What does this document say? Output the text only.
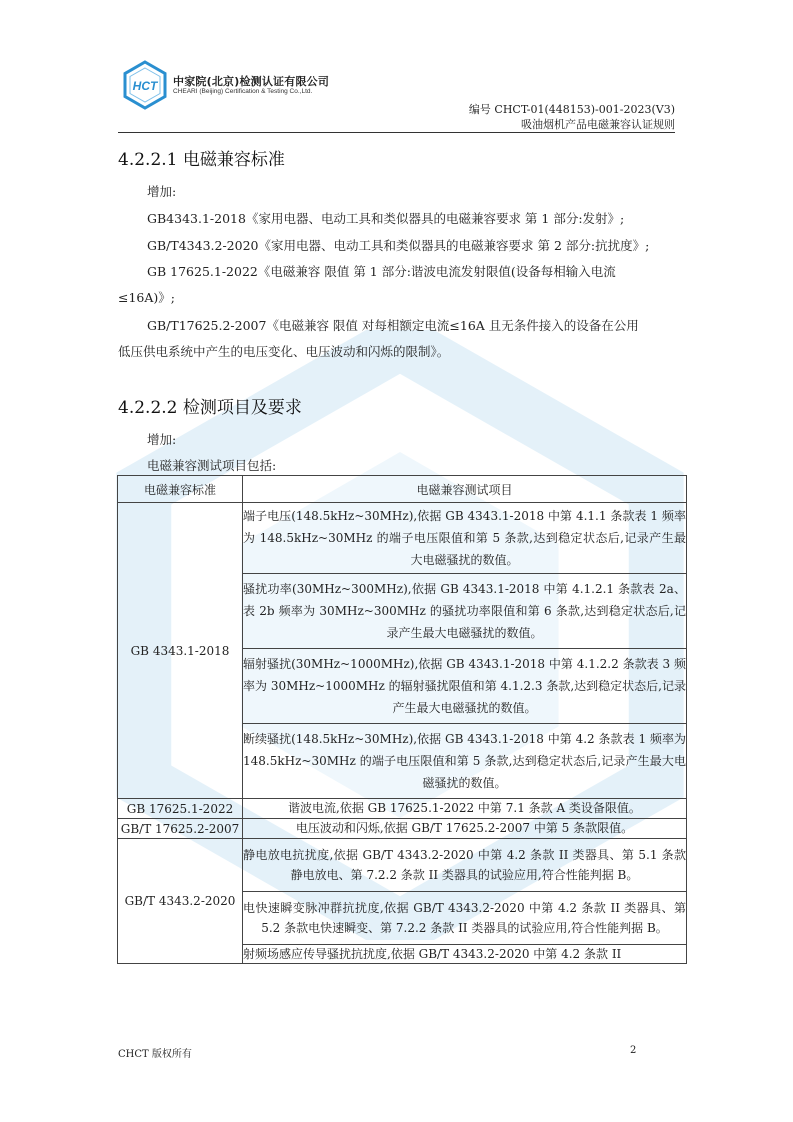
HCT 中家院(北京)检测认证有限公司
CHEARI (Beijing) Certification & Testing Co.,Ltd.
编号 CHCT-01(448153)-001-2023(V3)
吸油烟机产品电磁兼容认证规则
4.2.2.1 电磁兼容标准
增加:
GB4343.1-2018《家用电器、电动工具和类似器具的电磁兼容要求 第 1 部分:发射》;
GB/T4343.2-2020《家用电器、电动工具和类似器具的电磁兼容要求 第 2 部分:抗扰度》;
GB 17625.1-2022《电磁兼容 限值 第 1 部分:谐波电流发射限值(设备每相输入电流
≤16A)》;
GB/T17625.2-2007《电磁兼容 限值 对每相额定电流≤16A 且无条件接入的设备在公用
低压供电系统中产生的电压变化、电压波动和闪烁的限制》。
4.2.2.2 检测项目及要求
增加:
电磁兼容测试项目包括:
电磁兼容标准	电磁兼容测试项目
GB 4343.1-2018	端子电压(148.5kHz~30MHz),依据 GB 4343.1-2018 中第 4.1.1 条款表 1 频率为 148.5kHz~30MHz 的端子电压限值和第 5 条款,达到稳定状态后,记录产生最大电磁骚扰的数值。
	骚扰功率(30MHz~300MHz),依据 GB 4343.1-2018 中第 4.1.2.1 条款表 2a、表 2b 频率为 30MHz~300MHz 的骚扰功率限值和第 6 条款,达到稳定状态后,记录产生最大电磁骚扰的数值。
	辐射骚扰(30MHz~1000MHz),依据 GB 4343.1-2018 中第 4.1.2.2 条款表 3 频率为 30MHz~1000MHz 的辐射骚扰限值和第 4.1.2.3 条款,达到稳定状态后,记录产生最大电磁骚扰的数值。
	断续骚扰(148.5kHz~30MHz),依据 GB 4343.1-2018 中第 4.2 条款表 1 频率为 148.5kHz~30MHz 的端子电压限值和第 5 条款,达到稳定状态后,记录产生最大电磁骚扰的数值。
GB 17625.1-2022	谐波电流,依据 GB 17625.1-2022 中第 7.1 条款 A 类设备限值。
GB/T 17625.2-2007	电压波动和闪烁,依据 GB/T 17625.2-2007 中第 5 条款限值。
GB/T 4343.2-2020	静电放电抗扰度,依据 GB/T 4343.2-2020 中第 4.2 条款 II 类器具、第 5.1 条款静电放电、第 7.2.2 条款 II 类器具的试验应用,符合性能判据 B。
	电快速瞬变脉冲群抗扰度,依据 GB/T 4343.2-2020 中第 4.2 条款 II 类器具、第 5.2 条款电快速瞬变、第 7.2.2 条款 II 类器具的试验应用,符合性能判据 B。
	射频场感应传导骚扰抗扰度,依据 GB/T 4343.2-2020 中第 4.2 条款 II
CHCT 版权所有	2
